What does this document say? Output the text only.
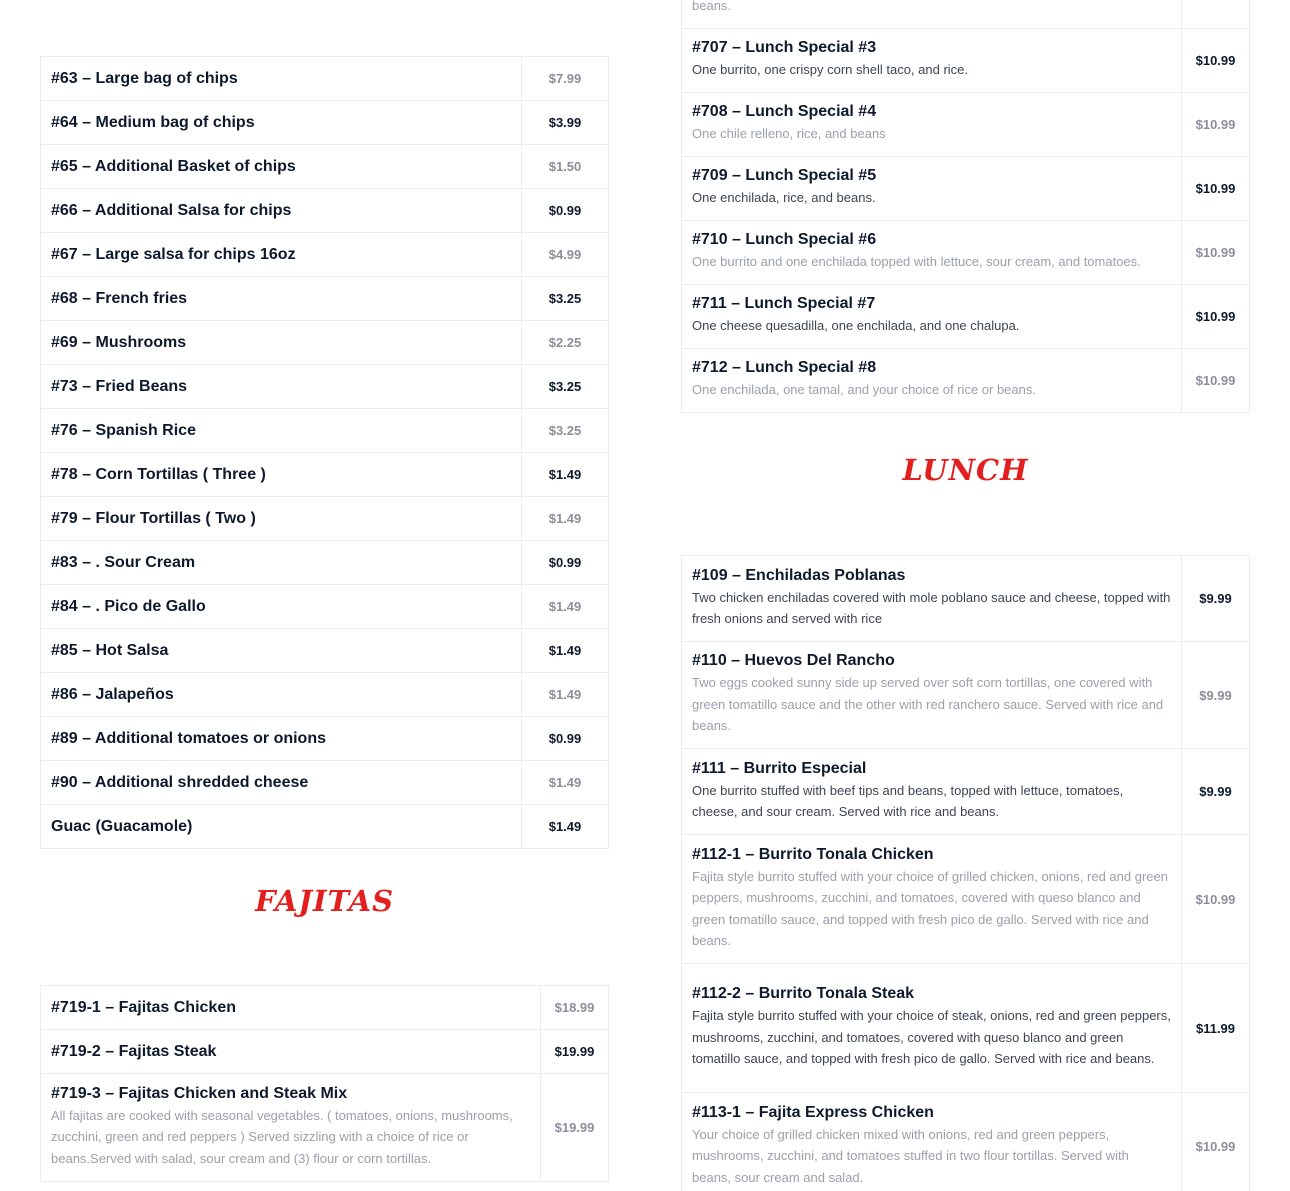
#63 – Large bag of chips	$7.99

#64 – Medium bag of chips	$3.99

#65 – Additional Basket of chips	$1.50

#66 – Additional Salsa for chips	$0.99

#67 – Large salsa for chips 16oz	$4.99

#68 – French fries	$3.25

#69 – Mushrooms	$2.25

#73 – Fried Beans	$3.25

#76 – Spanish Rice	$3.25

#78 – Corn Tortillas ( Three )	$1.49

#79 – Flour Tortillas ( Two )	$1.49

#83 – . Sour Cream	$0.99

#84 – . Pico de Gallo	$1.49

#85 – Hot Salsa	$1.49

#86 – Jalapeños	$1.49

#89 – Additional tomatoes or onions	$0.99

#90 – Additional shredded cheese	$1.49

Guac (Guacamole)	$1.49
FAJITAS
#719-1 – Fajitas Chicken	$18.99

#719-2 – Fajitas Steak	$19.99

#719-3 – Fajitas Chicken and Steak Mix
All fajitas are cooked with seasonal vegetables. ( tomatoes, onions, mushrooms, zucchini, green and red peppers ) Served sizzling with a choice of rice or beans.Served with salad, sour cream and (3) flour or corn tortillas.	$19.99
beans.	

#707 – Lunch Special #3
One burrito, one crispy corn shell taco, and rice.	$10.99

#708 – Lunch Special #4
One chile relleno, rice, and beans	$10.99

#709 – Lunch Special #5
One enchilada, rice, and beans.	$10.99

#710 – Lunch Special #6
One burrito and one enchilada topped with lettuce, sour cream, and tomatoes.	$10.99

#711 – Lunch Special #7
One cheese quesadilla, one enchilada, and one chalupa.	$10.99

#712 – Lunch Special #8
One enchilada, one tamal, and your choice of rice or beans.	$10.99
LUNCH
#109 – Enchiladas Poblanas
Two chicken enchiladas covered with mole poblano sauce and cheese, topped with fresh onions and served with rice	$9.99

#110 – Huevos Del Rancho
Two eggs cooked sunny side up served over soft corn tortillas, one covered with green tomatillo sauce and the other with red ranchero sauce. Served with rice and beans.	$9.99

#111 – Burrito Especial
One burrito stuffed with beef tips and beans, topped with lettuce, tomatoes, cheese, and sour cream. Served with rice and beans.	$9.99

#112-1 – Burrito Tonala Chicken
Fajita style burrito stuffed with your choice of grilled chicken, onions, red and green peppers, mushrooms, zucchini, and tomatoes, covered with queso blanco and green tomatillo sauce, and topped with fresh pico de gallo. Served with rice and beans.	$10.99

#112-2 – Burrito Tonala Steak
Fajita style burrito stuffed with your choice of steak, onions, red and green peppers, mushrooms, zucchini, and tomatoes, covered with queso blanco and green tomatillo sauce, and topped with fresh pico de gallo. Served with rice and beans.	$11.99

#113-1 – Fajita Express Chicken
Your choice of grilled chicken mixed with onions, red and green peppers, mushrooms, zucchini, and tomatoes stuffed in two flour tortillas. Served with beans, sour cream and salad.	$10.99
